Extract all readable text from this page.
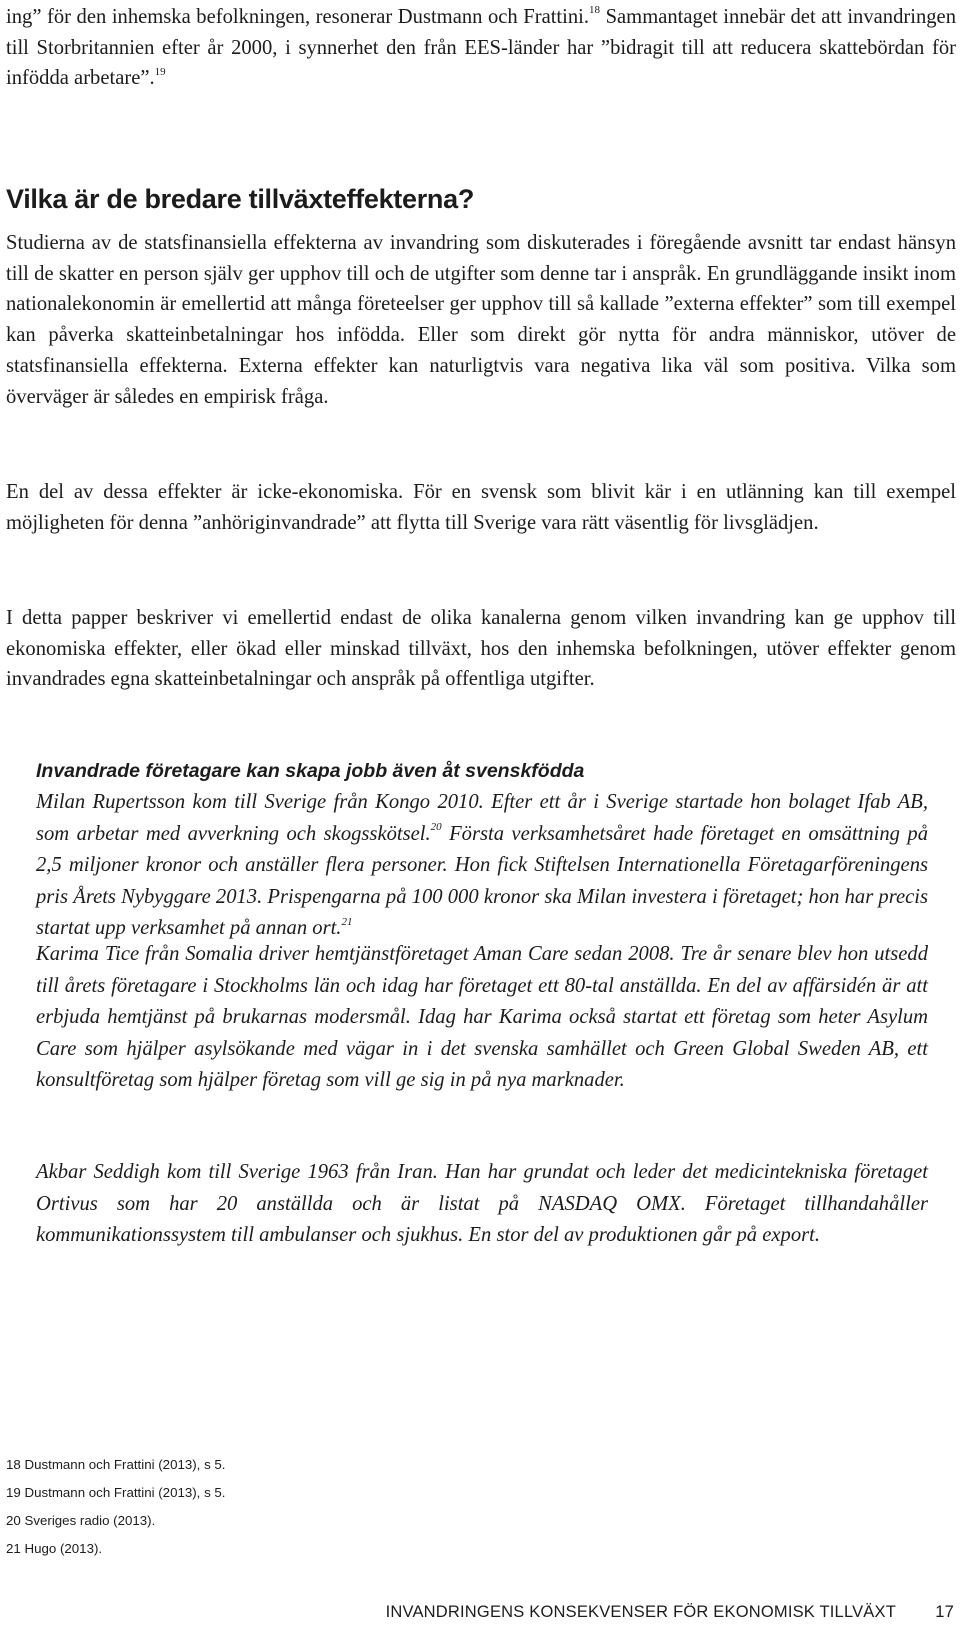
ing” för den inhemska befolkningen, resonerar Dustmann och Frattini.$^{18}$ Sammantaget innebär det att invandringen till Storbritannien efter år 2000, i synnerhet den från EES-länder har ”bidragit till att reducera skattebördan för infödda arbetare”.$^{19}$

Vilka är de bredare tillväxteffekterna?

Studierna av de statsfinansiella effekterna av invandring som diskuterades i föregående avsnitt tar endast hänsyn till de skatter en person själv ger upphov till och de utgifter som denne tar i anspråk. En grundläggande insikt inom nationalekonomin är emellertid att många företeelser ger upphov till så kallade ”externa effekter” som till exempel kan påverka skatteinbetalningar hos infödda. Eller som direkt gör nytta för andra människor, utöver de statsfinansiella effekterna. Externa effekter kan naturligtvis vara negativa lika väl som positiva. Vilka som överväger är således en empirisk fråga.

En del av dessa effekter är icke-ekonomiska. För en svensk som blivit kär i en utlänning kan till exempel möjligheten för denna ”anhöriginvandrade” att flytta till Sverige vara rätt väsentlig för livsglädjen.

I detta papper beskriver vi emellertid endast de olika kanalerna genom vilken invandring kan ge upphov till ekonomiska effekter, eller ökad eller minskad tillväxt, hos den inhemska befolkningen, utöver effekter genom invandrades egna skatteinbetalningar och anspråk på offentliga utgifter.

Invandrade företagare kan skapa jobb även åt svenskfödda

Milan Rupertsson kom till Sverige från Kongo 2010. Efter ett år i Sverige startade hon bolaget Ifab AB, som arbetar med avverkning och skogsskötsel.$^{20}$ Första verksamhetsåret hade företaget en omsättning på 2,5 miljoner kronor och anställer flera personer. Hon fick Stiftelsen Internationella Företagarföreningens pris Årets Nybyggare 2013. Prispengarna på 100 000 kronor ska Milan investera i företaget; hon har precis startat upp verksamhet på annan ort.$^{21}$

Karima Tice från Somalia driver hemtjänstföretaget Aman Care sedan 2008. Tre år senare blev hon utsedd till årets företagare i Stockholms län och idag har företaget ett 80-tal anställda. En del av affärsidén är att erbjuda hemtjänst på brukarnas modersmål. Idag har Karima också startat ett företag som heter Asylum Care som hjälper asylsökande med vägar in i det svenska samhället och Green Global Sweden AB, ett konsultföretag som hjälper företag som vill ge sig in på nya marknader.

Akbar Seddigh kom till Sverige 1963 från Iran. Han har grundat och leder det medicintekniska företaget Ortivus som har 20 anställda och är listat på NASDAQ OMX. Företaget tillhandahåller kommunikationssystem till ambulanser och sjukhus. En stor del av produktionen går på export.

18 Dustmann och Frattini (2013), s 5.
19 Dustmann och Frattini (2013), s 5.
20 Sveriges radio (2013).
21 Hugo (2013).
INVANDRINGENS KONSEKVENSER FÖR EKONOMISK TILLVÄXT 17
